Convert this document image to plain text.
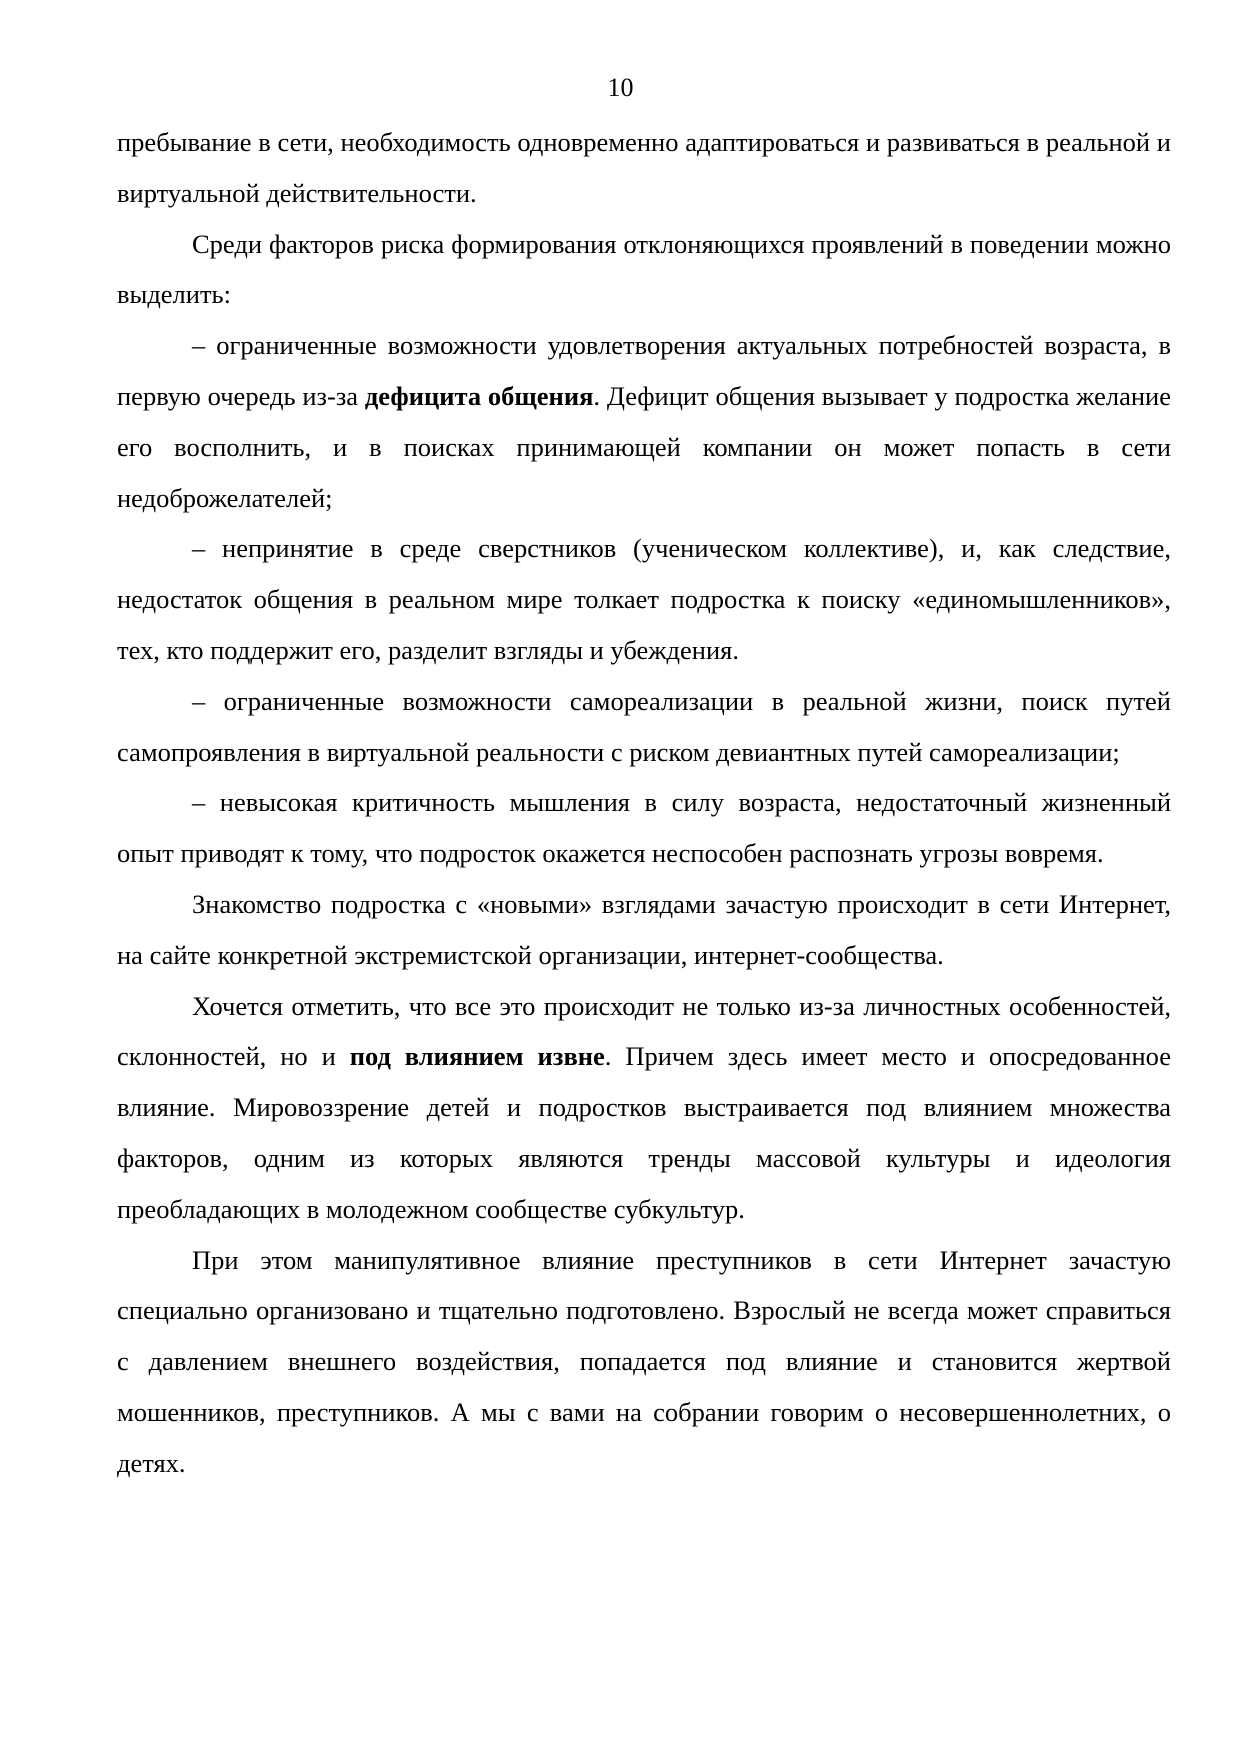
10

пребывание в сети, необходимость одновременно адаптироваться и развиваться в реальной и виртуальной действительности.

Среди факторов риска формирования отклоняющихся проявлений в поведении можно выделить:

– ограниченные возможности удовлетворения актуальных потребностей возраста, в первую очередь из-за дефицита общения. Дефицит общения вызывает у подростка желание его восполнить, и в поисках принимающей компании он может попасть в сети недоброжелателей;

– непринятие в среде сверстников (ученическом коллективе), и, как следствие, недостаток общения в реальном мире толкает подростка к поиску «единомышленников», тех, кто поддержит его, разделит взгляды и убеждения.

– ограниченные возможности самореализации в реальной жизни, поиск путей самопроявления в виртуальной реальности с риском девиантных путей самореализации;

– невысокая критичность мышления в силу возраста, недостаточный жизненный опыт приводят к тому, что подросток окажется неспособен распознать угрозы вовремя.

Знакомство подростка с «новыми» взглядами зачастую происходит в сети Интернет, на сайте конкретной экстремистской организации, интернет-сообщества.

Хочется отметить, что все это происходит не только из-за личностных особенностей, склонностей, но и под влиянием извне. Причем здесь имеет место и опосредованное влияние. Мировоззрение детей и подростков выстраивается под влиянием множества факторов, одним из которых являются тренды массовой культуры и идеология преобладающих в молодежном сообществе субкультур.

При этом манипулятивное влияние преступников в сети Интернет зачастую специально организовано и тщательно подготовлено. Взрослый не всегда может справиться с давлением внешнего воздействия, попадается под влияние и становится жертвой мошенников, преступников. А мы с вами на собрании говорим о несовершеннолетних, о детях.
